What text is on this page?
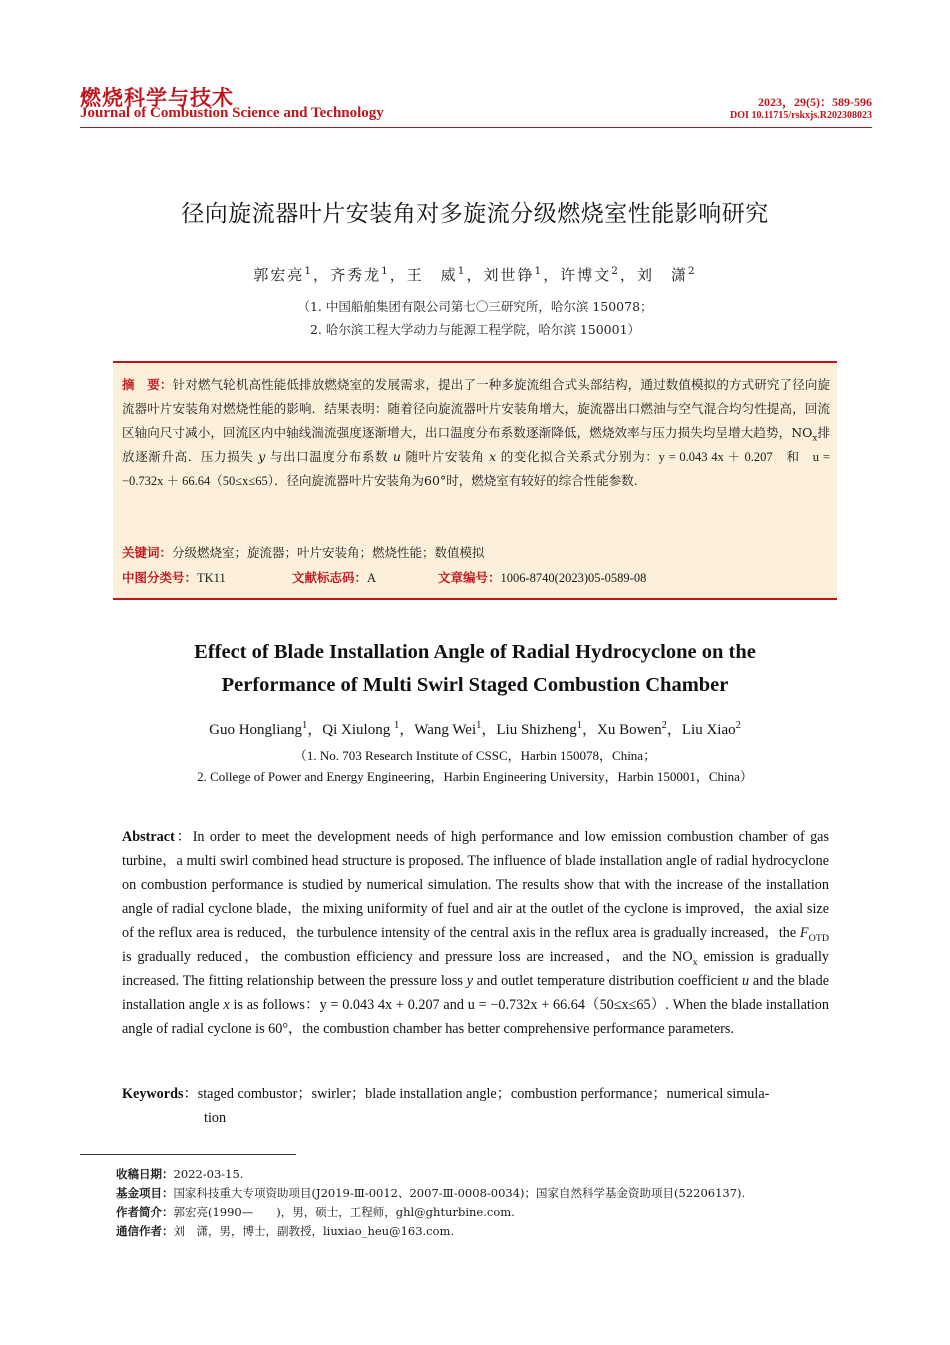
燃烧科学与技术
Journal of Combustion Science and Technology
2023，29(5)：589-596
DOI 10.11715/rskxjs.R202308023
径向旋流器叶片安装角对多旋流分级燃烧室性能影响研究
郭宏亮$^1$，齐秀龙$^1$，王　威$^1$，刘世铮$^1$，许博文$^2$，刘　潇$^2$
（1. 中国船舶集团有限公司第七〇三研究所，哈尔滨 150078；
2. 哈尔滨工程大学动力与能源工程学院，哈尔滨 150001）
摘　要：针对燃气轮机高性能低排放燃烧室的发展需求，提出了一种多旋流组合式头部结构，通过数值模拟的方式研究了径向旋流器叶片安装角对燃烧性能的影响．结果表明：随着径向旋流器叶片安装角增大，旋流器出口燃油与空气混合均匀性提高，回流区轴向尺寸减小，回流区内中轴线湍流强度逐渐增大，出口温度分布系数逐渐降低，燃烧效率与压力损失均呈增大趋势，$NO_x$排放逐渐升高．压力损失 y 与出口温度分布系数 u 随叶片安装角 x 的变化拟合关系式分别为：y = 0.043 4x ＋ 0.207　 和　 u = −0.732x ＋ 66.64（50≤x≤65）．径向旋流器叶片安装角为60°时，燃烧室有较好的综合性能参数.
关键词：分级燃烧室；旋流器；叶片安装角；燃烧性能；数值模拟
中图分类号：TK11	文献标志码：A	文章编号：1006-8740(2023)05-0589-08
Effect of Blade Installation Angle of Radial Hydrocyclone on the
Performance of Multi Swirl Staged Combustion Chamber
Guo Hongliang$^1$，Qi Xiulong $^1$，Wang Wei$^1$，Liu Shizheng$^1$，Xu Bowen$^2$，Liu Xiao$^2$
（1. No. 703 Research Institute of CSSC，Harbin 150078，China；
2. College of Power and Energy Engineering，Harbin Engineering University，Harbin 150001，China）
Abstract：In order to meet the development needs of high performance and low emission combustion chamber of gas turbine，a multi swirl combined head structure is proposed. The influence of blade installation angle of radial hydrocyclone on combustion performance is studied by numerical simulation. The results show that with the increase of the installation angle of radial cyclone blade，the mixing uniformity of fuel and air at the outlet of the cyclone is improved，the axial size of the reflux area is reduced，the turbulence intensity of the central axis in the reflux area is gradually increased，the $F_{OTD}$ is gradually reduced，the combustion efficiency and pressure loss are increased，and the $NO_x$ emission is gradually increased. The fitting relationship between the pressure loss y and outlet temperature distribution coefficient u and the blade installation angle x is as follows：y = 0.043 4x + 0.207 and u = −0.732x + 66.64（50≤x≤65）. When the blade installation angle of radial cyclone is 60°，the combustion chamber has better comprehensive performance parameters.
Keywords：staged combustor；swirler；blade installation angle；combustion performance；numerical simula-
tion
收稿日期：2022-03-15.
基金项目：国家科技重大专项资助项目(J2019-Ⅲ-0012、2007-Ⅲ-0008-0034)；国家自然科学基金资助项目(52206137).
作者简介：郭宏亮(1990—　　)，男，硕士，工程师，ghl@ghturbine.com.
通信作者：刘　潇，男，博士，副教授，liuxiao_heu@163.com.
